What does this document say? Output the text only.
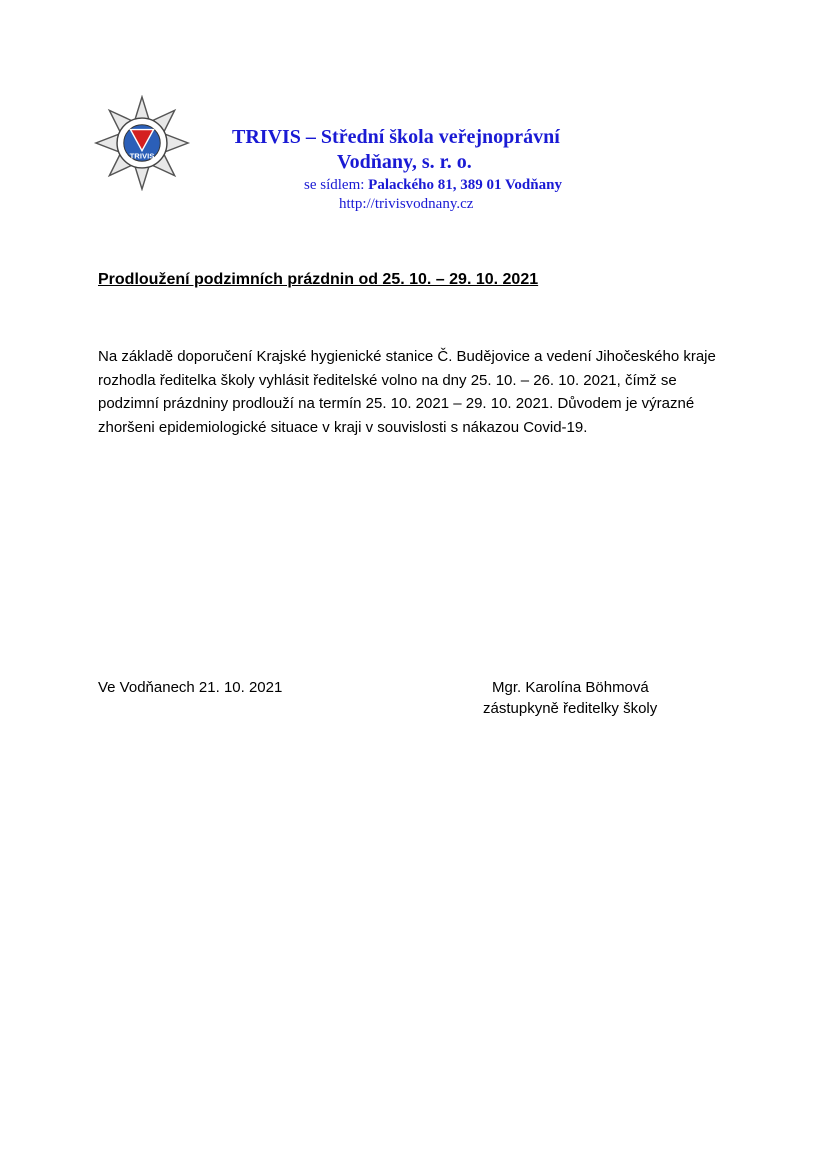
TRIVIS
TRIVIS – Střední škola veřejnoprávní
Vodňany, s. r. o.
se sídlem: Palackého 81, 389 01 Vodňany
http://trivisvodnany.cz
Prodloužení podzimních prázdnin od 25. 10. – 29. 10. 2021
Na základě doporučení Krajské hygienické stanice Č. Budějovice a vedení Jihočeského kraje
rozhodla ředitelka školy vyhlásit ředitelské volno na dny 25. 10. – 26. 10. 2021, čímž se
podzimní prázdniny prodlouží na termín 25. 10. 2021 – 29. 10. 2021. Důvodem je výrazné
zhoršeni epidemiologické situace v kraji v souvislosti s nákazou Covid-19.
Ve Vodňanech 21. 10. 2021	Mgr. Karolína Böhmová
zástupkyně ředitelky školy
